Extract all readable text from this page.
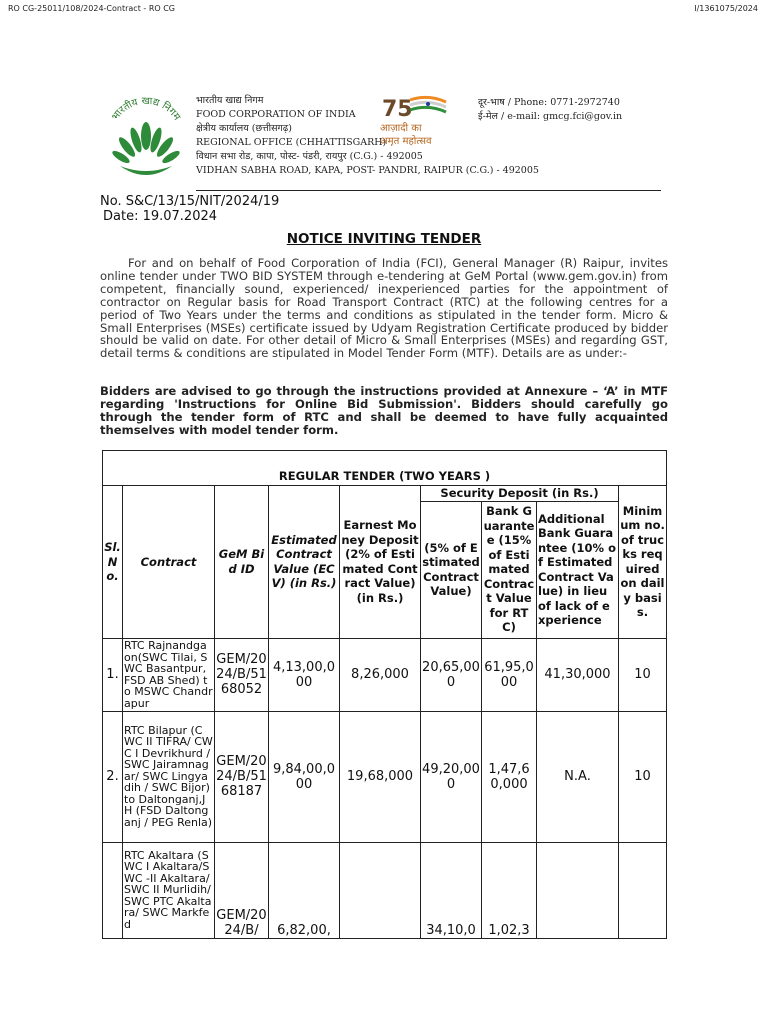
RO CG-25011/108/2024-Contract - RO CG	I/1361075/2024
भारतीय खाद्य निगम
भारतीय खाद्य निगम
FOOD CORPORATION OF INDIA
क्षेत्रीय कार्यालय (छत्तीसगढ़)
REGIONAL OFFICE (CHHATTISGARH)
विधान सभा रोड, कापा, पोस्ट- पंडरी, रायपुर (C.G.) - 492005
VIDHAN SABHA ROAD, KAPA, POST- PANDRI, RAIPUR (C.G.) - 492005
75
आज़ादी का
अमृत महोत्सव
दूर-भाष / Phone: 0771-2972740
ई-मेल / e-mail: gmcg.fci@gov.in
No. S&C/13/15/NIT/2024/19
Date: 19.07.2024
NOTICE INVITING TENDER
For and on behalf of Food Corporation of India (FCI), General Manager (R) Raipur, invites online tender under TWO BID SYSTEM through e-tendering at GeM Portal (www.gem.gov.in) from competent, financially sound, experienced/ inexperienced parties for the appointment of contractor on Regular basis for Road Transport Contract (RTC) at the following centres for a period of Two Years under the terms and conditions as stipulated in the tender form. Micro & Small Enterprises (MSEs) certificate issued by Udyam Registration Certificate produced by bidder should be valid on date. For other detail of Micro & Small Enterprises (MSEs) and regarding GST, detail terms & conditions are stipulated in Model Tender Form (MTF). Details are as under:-
Bidders are advised to go through the instructions provided at Annexure – ‘A’ in MTF regarding 'Instructions for Online Bid Submission'. Bidders should carefully go through the tender form of RTC and shall be deemed to have fully acquainted themselves with model tender form.
REGULAR TENDER (TWO YEARS )								
Sl. No.	Contract	GeM Bid ID	Estimated Contract Value (ECV) (in Rs.)	Earnest Money Deposit (2% of Estimated Contract Value) (in Rs.)	Security Deposit (in Rs.)			Minimum no. of trucks required on daily basis.
					(5% of Estimated Contract Value)	Bank Guarantee (15% of Estimated Contract Value for RTC)	Additional Bank Guarantee (10% of Estimated Contract Value) in lieu of lack of experience	
1.	RTC Rajnandgaon(SWC Tilai, SWC Basantpur, FSD AB Shed) to MSWC Chandrapur	GEM/2024/B/5168052	4,13,00,000	8,26,000	20,65,000	61,95,000	41,30,000	10
2.	RTC Bilapur (CWC II TIFRA/ CWC I Devrikhurd /SWC Jairamnagar/ SWC Lingyadih / SWC Bijor) to Daltonganj,JH (FSD Daltonganj / PEG Renla)	GEM/2024/B/5168187	9,84,00,000	19,68,000	49,20,000	1,47,60,000	N.A.	10
	RTC Akaltara (SWC I Akaltara/SWC -II Akaltara/ SWC II Murlidih/ SWC PTC Akaltara/ SWC Markfed	GEM/2024/B/	6,82,00,		34,10,0	1,02,3		
